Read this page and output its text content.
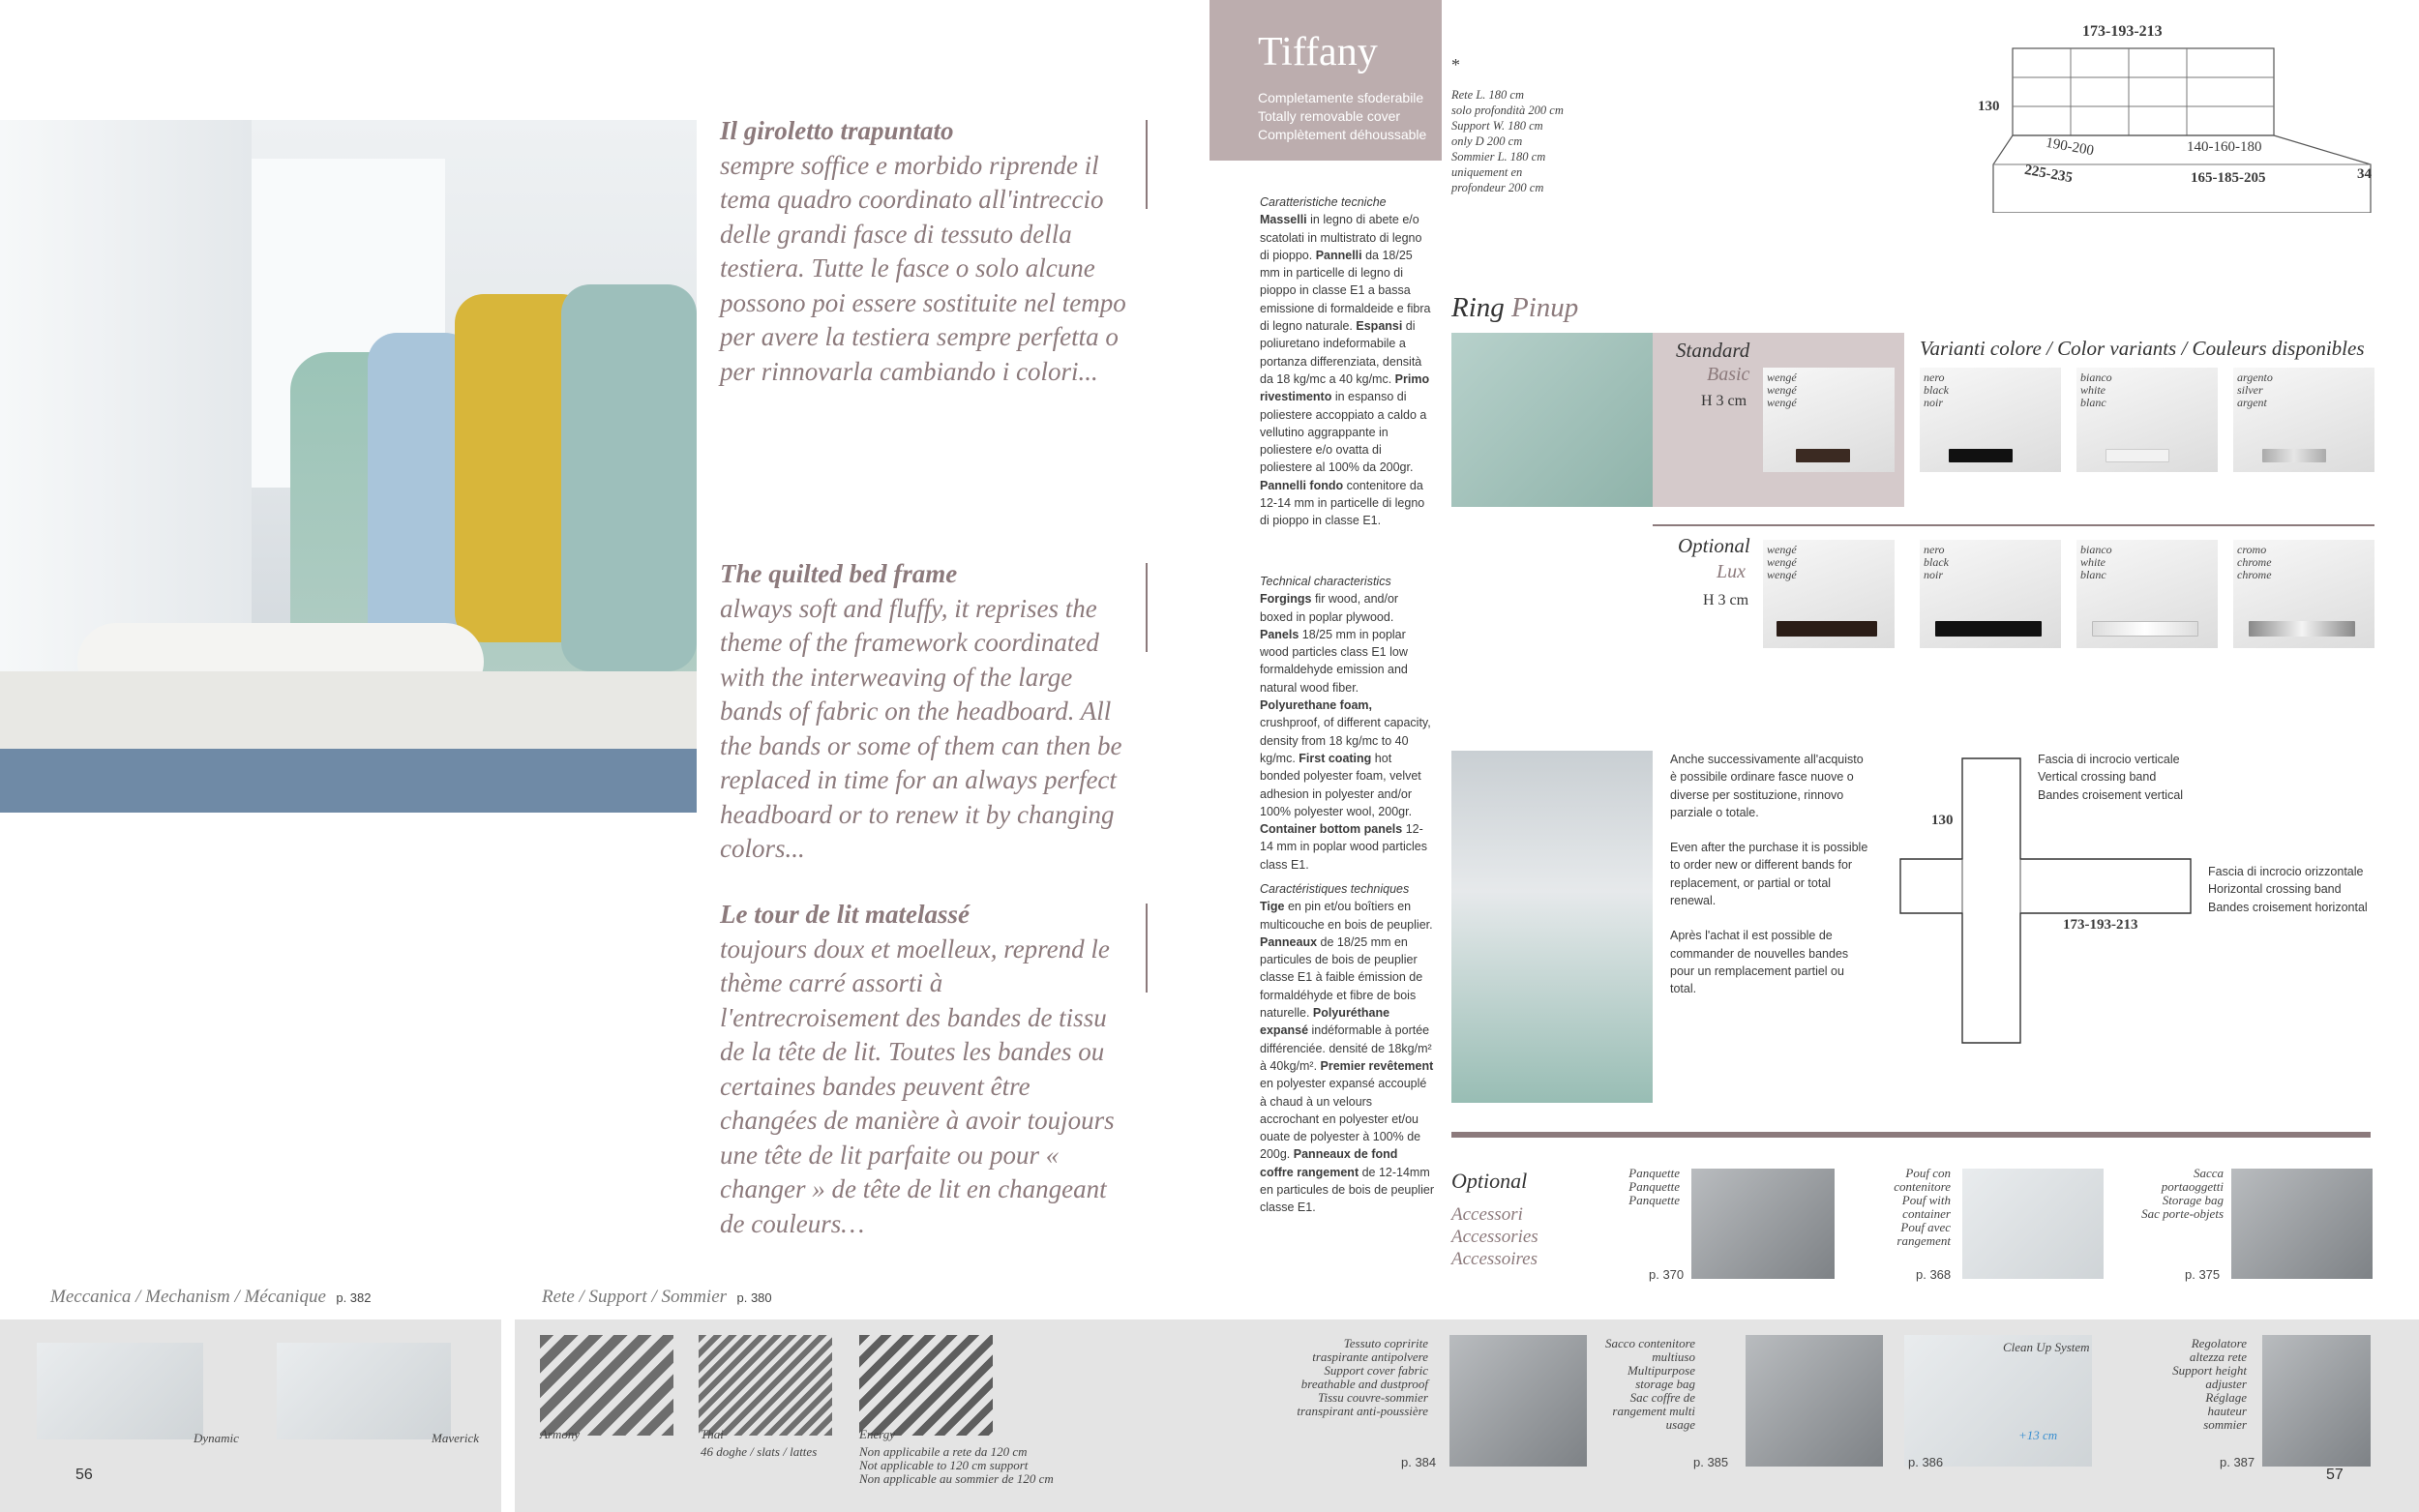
Il giroletto trapuntato
sempre soffice e morbido riprende il tema quadro coordinato all'intreccio delle grandi fasce di tessuto della testiera. Tutte le fasce o solo alcune possono poi essere sostituite nel tempo per avere la testiera sempre perfetta o per rinnovarla cambiando i colori...
The quilted bed frame
always soft and fluffy, it reprises the theme of the framework coordinated with the interweaving of the large bands of fabric on the headboard. All the bands or some of them can then be replaced in time for an always perfect headboard or to renew it by changing colors...
Le tour de lit matelassé
toujours doux et moelleux, reprend le thème carré assorti à l'entrecroisement des bandes de tissu de la tête de lit. Toutes les bandes ou certaines bandes peuvent être changées de manière à avoir toujours une tête de lit parfaite ou pour « changer » de tête de lit en changeant de couleurs…
Meccanica / Mechanism / Mécanique p. 382	Rete / Support / Sommier p. 380
Dynamic	Maverick
56
Armony	Thai
46 doghe / slats / lattes
Energy
Non applicabile a rete da 120 cm
Not applicable to 120 cm support
Non applicable au sommier de 120 cm
Tessuto copririte
traspirante antipolvere
Support cover fabric
breathable and dustproof
Tissu couvre-sommier
transpirant anti-poussière
p. 384
Sacco contenitore
multiuso
Multipurpose
storage bag
Sac coffre de
rangement multi
usage
p. 385
Clean Up System
+13 cm
p. 386
Regolatore
altezza rete
Support height
adjuster
Réglage
hauteur
sommier
p. 387
57
Tiffany
Completamente sfoderabile
Totally removable cover
Complètement déhoussable

*

Rete L. 180 cm
solo profondità 200 cm
Support W. 180 cm
only D 200 cm
Sommier L. 180 cm
uniquement en
profondeur 200 cm

173-193-213
130
190-200	140-160-180
225-235	165-185-205	34
Caratteristiche tecniche
Masselli in legno di abete e/o scatolati in multistrato di legno di pioppo. Pannelli da 18/25 mm in particelle di legno di pioppo in classe E1 a bassa emissione di formaldeide e fibra di legno naturale. Espansi di poliuretano indeformabile a portanza differenziata, densità da 18 kg/mc a 40 kg/mc. Primo rivestimento in espanso di poliestere accoppiato a caldo a vellutino aggrappante in poliestere e/o ovatta di poliestere al 100% da 200gr. Pannelli fondo contenitore da 12-14 mm in particelle di legno di pioppo in classe E1.
Technical characteristics
Forgings fir wood, and/or boxed in poplar plywood. Panels 18/25 mm in poplar wood particles class E1 low formaldehyde emission and natural wood fiber. Polyurethane foam, crushproof, of different capacity, density from 18 kg/mc to 40 kg/mc. First coating hot bonded polyester foam, velvet adhesion in polyester and/or 100% polyester wool, 200gr. Container bottom panels 12-14 mm in poplar wood particles class E1.
Caractéristiques techniques
Tige en pin et/ou boîtiers en multicouche en bois de peuplier. Panneaux de 18/25 mm en particules de bois de peuplier classe E1 à faible émission de formaldéhyde et fibre de bois naturelle. Polyuréthane expansé indéformable à portée différenciée. densité de 18kg/m² à 40kg/m². Premier revêtement en polyester expansé accouplé à chaud à un velours accrochant en polyester et/ou ouate de polyester à 100% de 200g. Panneaux de fond coffre rangement de 12-14mm en particules de bois de peuplier classe E1.
Ring Pinup
Standard
Basic
H 3 cm
Varianti colore / Color variants / Couleurs disponibles
wengé
wengé
wengé
nero
black
noir
bianco
white
blanc
argento
silver
argent
Optional
Lux
H 3 cm
wengé
wengé
wengé
nero
black
noir
bianco
white
blanc
cromo
chrome
chrome
Anche successivamente all'acquisto è possibile ordinare fasce nuove o diverse per sostituzione, rinnovo parziale o totale.
Even after the purchase it is possible to order new or different bands for replacement, or partial or total renewal.
Après l'achat il est possible de commander de nouvelles bandes pour un remplacement partiel ou total.
130
173-193-213
Fascia di incrocio verticale
Vertical crossing band
Bandes croisement vertical
Fascia di incrocio orizzontale
Horizontal crossing band
Bandes croisement horizontal
Optional
Accessori
Accessories
Accessoires
Panquette
Panquette
Panquette
p. 370
Pouf con
contenitore
Pouf with
container
Pouf avec
rangement
p. 368
Sacca
portaoggetti
Storage bag
Sac porte-objets
p. 375
